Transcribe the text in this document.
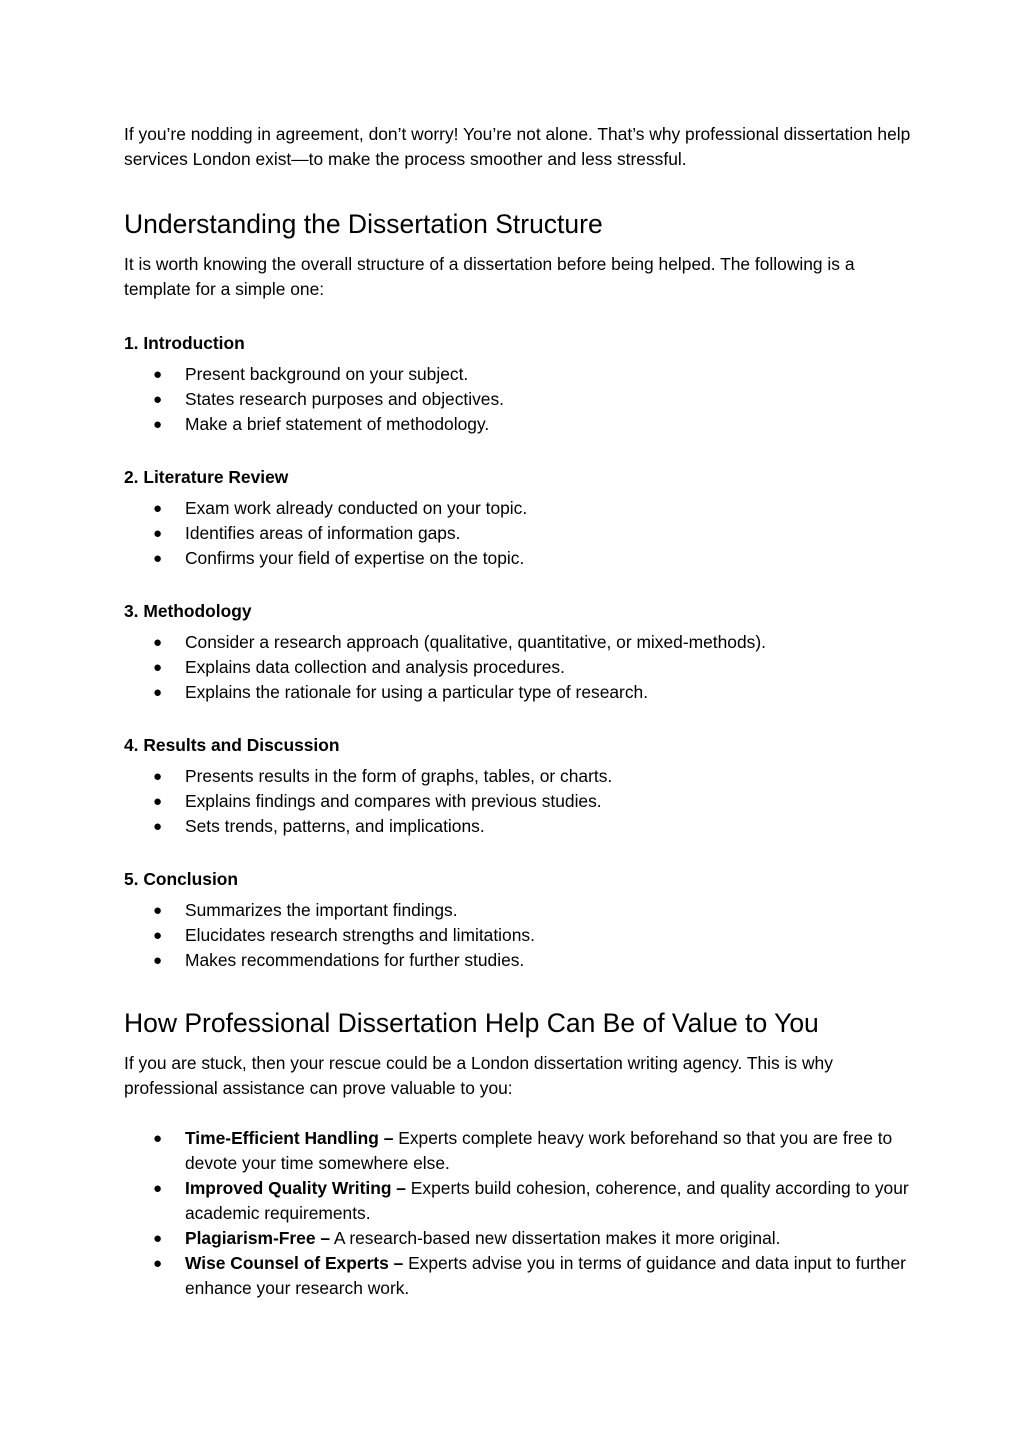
If you’re nodding in agreement, don’t worry! You’re not alone. That’s why professional dissertation help services London exist—to make the process smoother and less stressful.

Understanding the Dissertation Structure

It is worth knowing the overall structure of a dissertation before being helped. The following is a template for a simple one:

1. Introduction
● Present background on your subject.
● States research purposes and objectives.
● Make a brief statement of methodology.
2. Literature Review
● Exam work already conducted on your topic.
● Identifies areas of information gaps.
● Confirms your field of expertise on the topic.
3. Methodology
● Consider a research approach (qualitative, quantitative, or mixed-methods).
● Explains data collection and analysis procedures.
● Explains the rationale for using a particular type of research.
4. Results and Discussion
● Presents results in the form of graphs, tables, or charts.
● Explains findings and compares with previous studies.
● Sets trends, patterns, and implications.
5. Conclusion
● Summarizes the important findings.
● Elucidates research strengths and limitations.
● Makes recommendations for further studies.
How Professional Dissertation Help Can Be of Value to You

If you are stuck, then your rescue could be a London dissertation writing agency. This is why professional assistance can prove valuable to you:

● Time-Efficient Handling – Experts complete heavy work beforehand so that you are free to devote your time somewhere else.
● Improved Quality Writing – Experts build cohesion, coherence, and quality according to your academic requirements.
● Plagiarism-Free – A research-based new dissertation makes it more original.
● Wise Counsel of Experts – Experts advise you in terms of guidance and data input to further enhance your research work.
